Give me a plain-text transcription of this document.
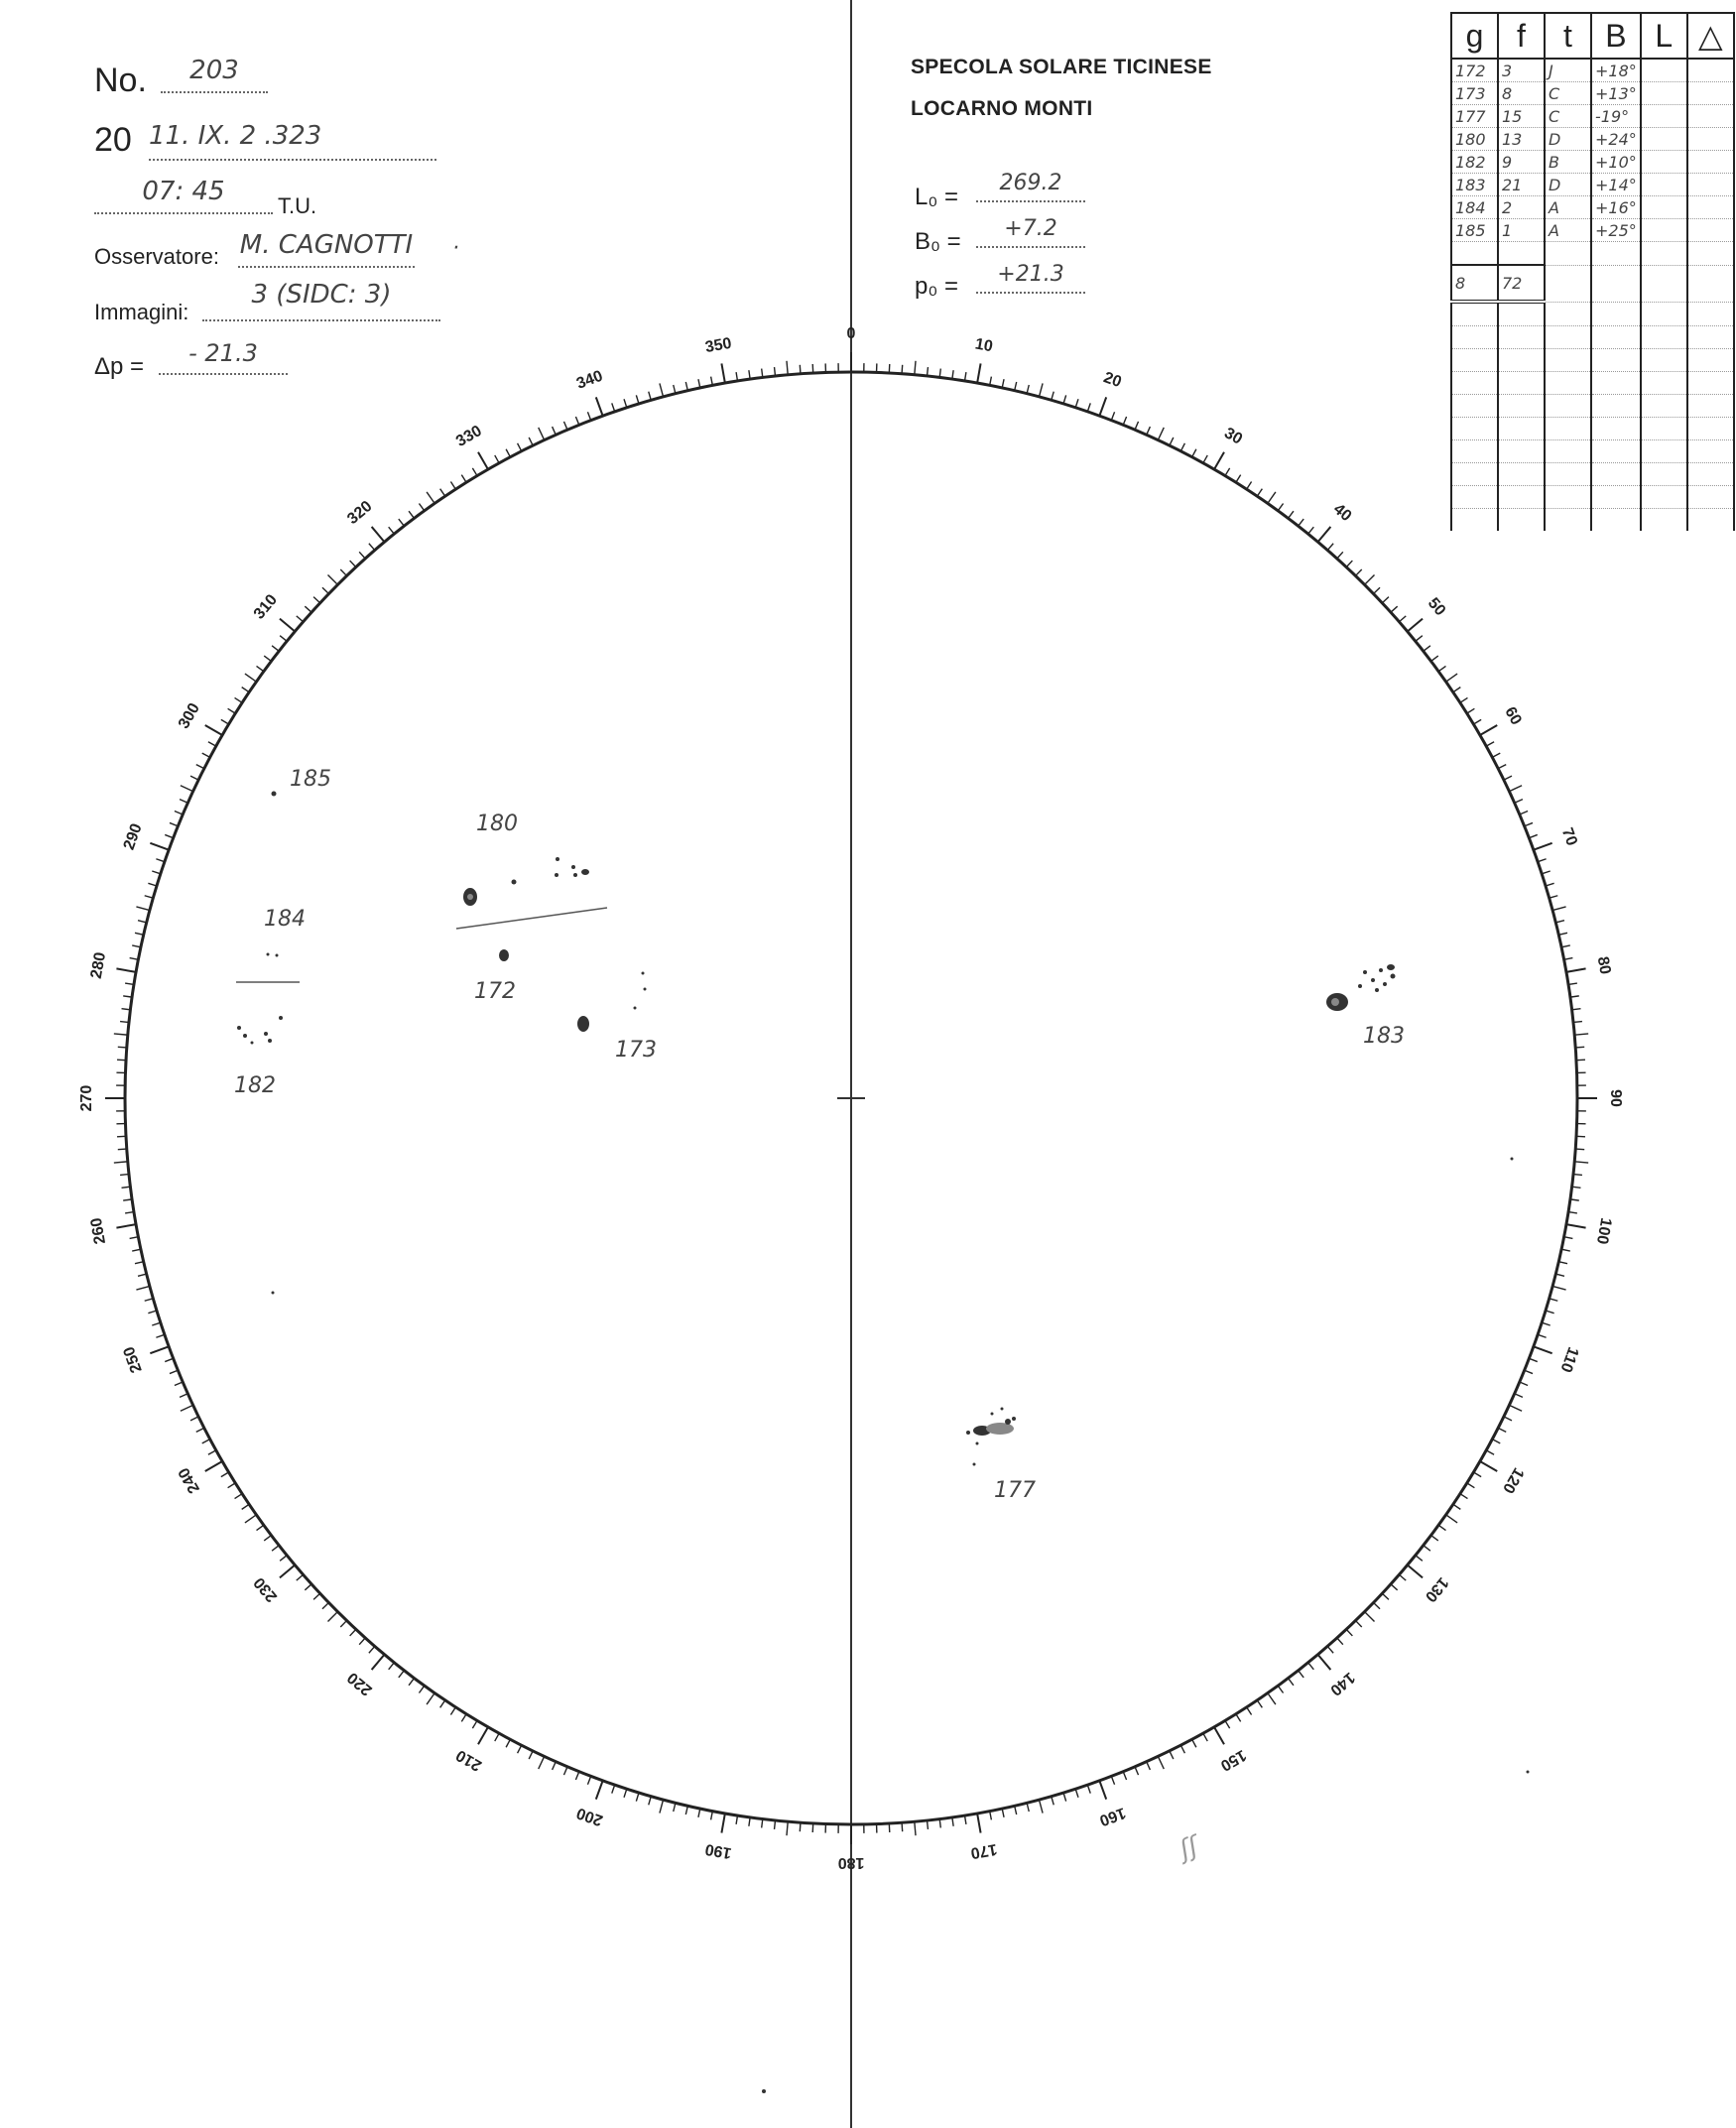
No.	203
20 11. IX. 2 .323
07: 45	T.U.
Osservatore: M. CAGNOTTI ·
Immagini:
3 (SIDC: 3)
Δp =	- 21.3
SPECOLA SOLARE TICINESE
LOCARNO MONTI
L₀ =
269.2
B₀ =	+7.2
p₀ =	+21.3
g	f	t	B	L	△
172	3	J	+18°		
173	8	C	+13°		
177	15	C	-19°		
180	13	D	+24°		
182	9	B	+10°		
183	21	D	+14°		
184	2	A	+16°		
185	1	A	+25°		

8	72				

0
10
20
30
40
50
60
70
80
90
100
110
120
130
140
150
160
170
180
190
200
210
220
230
240
250
260
270
280
290
300
310
320
330
340
350
185
180
184
172
173
182
183
177
ʃʃ
